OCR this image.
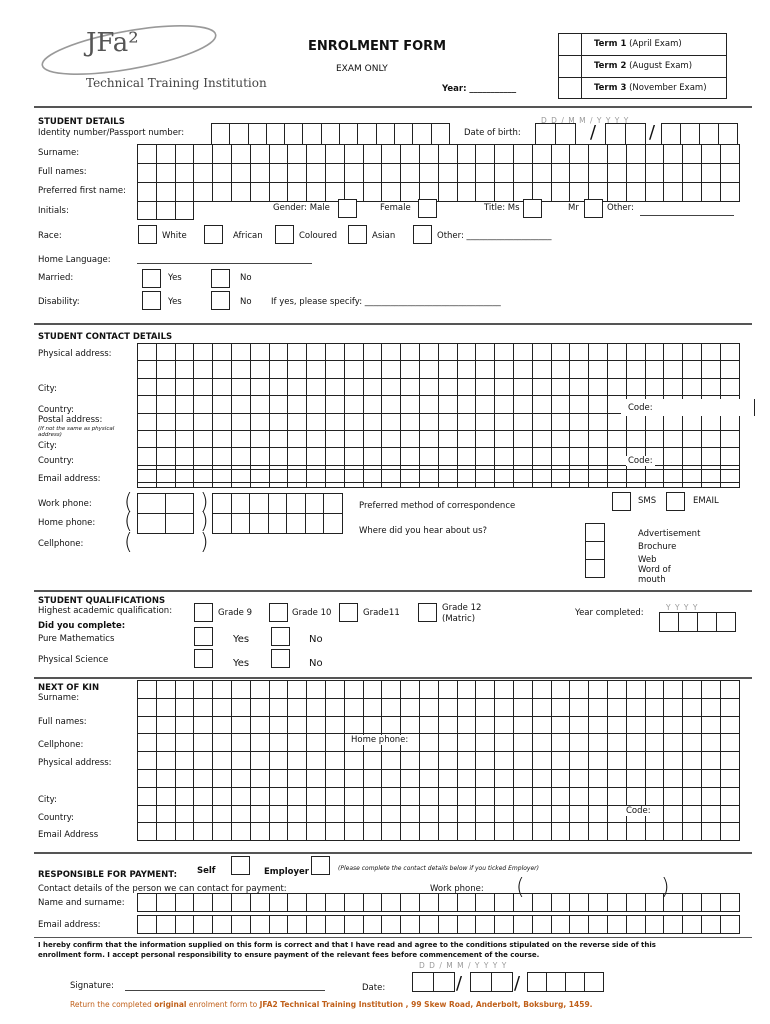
JFa²
Technical Training Institution
ENROLMENT FORM
EXAM ONLY
Year: ___________
Term 1 (April Exam)
Term 2 (August Exam)
Term 3 (November Exam)
STUDENT DETAILS
Identity number/Passport number:	Date of birth:
D D / M M / Y Y Y Y
/	/
Surname:
Full names:
Preferred first name:
Initials:	Gender: Male	Female	Title: Ms	Mr	Other:
Race:	White	African	Coloured	Asian	Other: ____________________
Home Language:
Married:	Yes	No
Disability:	Yes	No If yes, please specify: ________________________________
STUDENT CONTACT DETAILS
Physical address:
Code:
City:
Country:
Postal address:
(If not the same as physical address)
City:
Country:	Code:
Email address:
Work phone:
Home phone:
Cellphone:
(
(
(
)
)
)
Preferred method of correspondence	SMS	EMAIL
Where did you hear about us?	Advertisement
Brochure
Web
Word of mouth
STUDENT QUALIFICATIONS
Highest academic qualification:	Grade 9	Grade 10	Grade11	Grade 12
(Matric)
Year completed:
Y Y Y Y
Did you complete:
Pure Mathematics	Yes	No
Physical Science	Yes	No
NEXT OF KIN
Surname:
Full names:
Cellphone:	Home phone:
Physical address:
City:
Country:
Code:
Email Address
RESPONSIBLE FOR PAYMENT: Self	Employer	(Please complete the contact details below if you ticked Employer)
Contact details of the person we can contact for payment:	Work phone: (	)
Name and surname:
Email address:
I hereby confirm that the information supplied on this form is correct and that I have read and agree to the conditions stipulated on the reverse side of this
enrollment form. I accept personal responsibility to ensure payment of the relevant fees before commencement of the course.
D D / M M / Y Y Y Y
Signature:	Date:	/	/
Return the completed original enrolment form to JFA2 Technical Training Institution , 99 Skew Road, Anderbolt, Boksburg, 1459.
